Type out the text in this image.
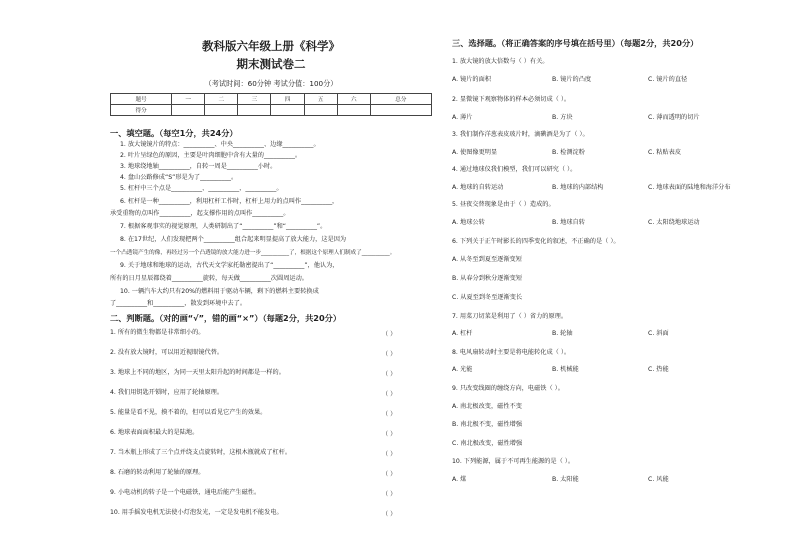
教科版六年级上册《科学》
期末测试卷二
（考试时间：60分钟 考试分值：100分）
题号	一	二	三	四	五	六	总分
得分							
一、填空题。（每空1分，共24分）
1. 放大镜镜片的特点：__________、中央__________、边缘__________。
2. 叶片呈绿色的原因，主要是叶肉细胞中含有大量的__________。
3. 地球绕地轴__________，自转一周是__________小时。
4. 盘山公路修成“S”形是为了__________。
5. 杠杆中三个点是__________、__________、__________。
6. 杠杆是一种__________，利用杠杆工作时，杠杆上用力的点叫作__________，
承受重物的点叫作__________，起支撑作用的点叫作__________。
7. 根据客观事实的视觉原理，人类研制出了“__________”和“__________”。
8. 在17世纪，人们发现把两个__________组合起来明显提高了放大能力，这是因为
一个凸透镜产生的像，再经过另一个凸透镜的放大能力进一步__________了，根据这个原理人们制成了__________。
9. 关于地球和地球的运动，古代天文学家托勒密提出了“__________”，他认为，
所有的日月星辰都绕着__________旋转，每天做__________次圆周运动。
10. 一辆汽车大约只有20%的燃料用于驱动车辆，剩下的燃料主要转换成
了__________和__________，散发到环境中去了。
二、判断题。（对的画“√”，错的画“×”）（每题2分，共20分）
1. 所有的微生物都是非常细小的。	（ ）
2. 没有放大镜时，可以用近视眼镜代替。	（ ）
3. 地球上不同的地区，为同一天里太阳升起的时间都是一样的。	（ ）
4. 我们用钥匙开锁时，应用了轮轴原理。	（ ）
5. 能量是看不见，摸不着的，但可以看见它产生的效果。	（ ）
6. 地球表面面积最大的是陆地。	（ ）
7. 当木瓶上形成了三个点并绕支点旋转时，这根木瓶就成了杠杆。	（ ）
8. 石磨的转动利用了轮轴的原理。	（ ）
9. 小电动机的转子是一个电磁铁，通电后能产生磁性。	（ ）
10. 用手摇发电机无法使小灯泡发光，一定是发电机不能发电。	（ ）
三、选择题。（将正确答案的序号填在括号里）（每题2分，共20分）
1. 放大镜的放大倍数与（ ）有关。
A. 镜片的面积	B. 镜片的凸度	C. 镜片的直径
2. 显微镜下观察物体的样本必须切成（ ）。
A. 薄片	B. 方块	C. 薄而透明的切片
3. 我们制作洋葱表皮玻片时，滴碘酒是为了（ ）。
A. 使图像更明显	B. 检测淀粉	C. 粘贴表皮
4. 通过地球仪我们模型，我们可以研究（ ）。
A. 地球的自转运动	B. 地球的内部结构	C. 地球表面的陆地和海洋分布
5. 昼夜交替现象是由于（ ）造成的。
A. 地球公转	B. 地球自转	C. 太阳绕地球运动
6. 下列关于正午时影长的四季变化的叙述，不正确的是（ ）。
A. 从冬至到夏至逐渐变短
B. 从春分到秋分逐渐变短
C. 从夏至到冬至逐渐变长
7. 用菜刀切菜是利用了（ ）省力的原理。
A. 杠杆	B. 轮轴	C. 斜面
8. 电风扇转动时主要是将电能转化成（ ）。
A. 光能	B. 机械能	C. 热能
9. 只改变线圈的缠绕方向，电磁铁（ ）。
A. 南北极改变，磁性不变
B. 南北极不变，磁性增强
C. 南北极改变，磁性增强
10. 下列能源，属于不可再生能源的是（ ）。
A. 煤	B. 太阳能	C. 风能
